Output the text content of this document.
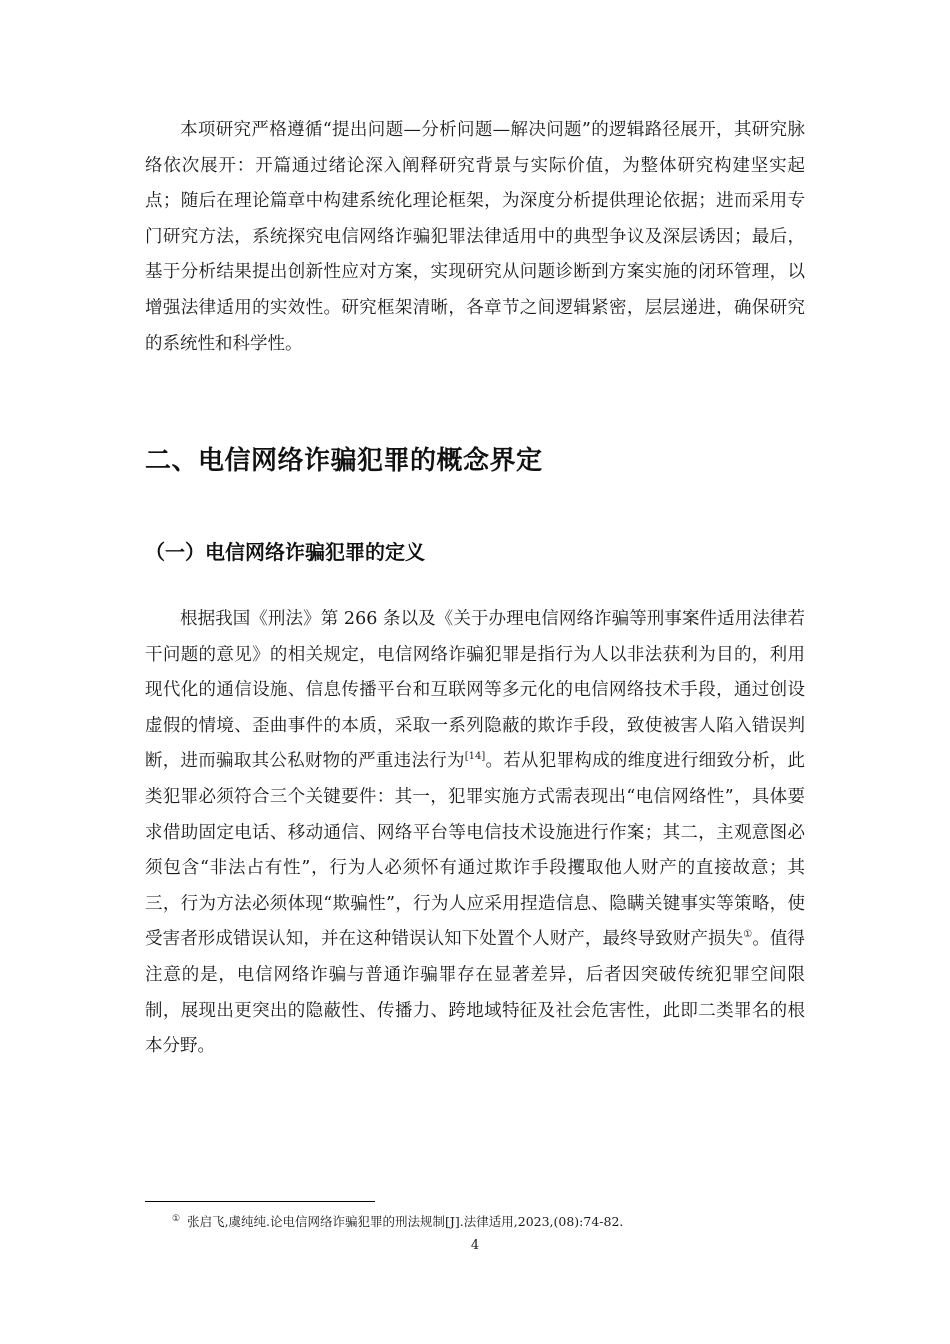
本项研究严格遵循“提出问题—分析问题—解决问题”的逻辑路径展开，其研究脉络依次展开：开篇通过绪论深入阐释研究背景与实际价值，为整体研究构建坚实起点；随后在理论篇章中构建系统化理论框架，为深度分析提供理论依据；进而采用专门研究方法，系统探究电信网络诈骗犯罪法律适用中的典型争议及深层诱因；最后，基于分析结果提出创新性应对方案，实现研究从问题诊断到方案实施的闭环管理，以增强法律适用的实效性。研究框架清晰，各章节之间逻辑紧密，层层递进，确保研究的系统性和科学性。

二、电信网络诈骗犯罪的概念界定
（一）电信网络诈骗犯罪的定义

根据我国《刑法》第 266 条以及《关于办理电信网络诈骗等刑事案件适用法律若干问题的意见》的相关规定，电信网络诈骗犯罪是指行为人以非法获利为目的，利用现代化的通信设施、信息传播平台和互联网等多元化的电信网络技术手段，通过创设虚假的情境、歪曲事件的本质，采取一系列隐蔽的欺诈手段，致使被害人陷入错误判断，进而骗取其公私财物的严重违法行为[14]。若从犯罪构成的维度进行细致分析，此类犯罪必须符合三个关键要件：其一，犯罪实施方式需表现出“电信网络性”，具体要求借助固定电话、移动通信、网络平台等电信技术设施进行作案；其二，主观意图必须包含“非法占有性”，行为人必须怀有通过欺诈手段攫取他人财产的直接故意；其三，行为方法必须体现“欺骗性”，行为人应采用捏造信息、隐瞒关键事实等策略，使受害者形成错误认知，并在这种错误认知下处置个人财产，最终导致财产损失①。值得注意的是，电信网络诈骗与普通诈骗罪存在显著差异，后者因突破传统犯罪空间限制，展现出更突出的隐蔽性、传播力、跨地域特征及社会危害性，此即二类罪名的根本分野。

① 张启飞,虞纯纯.论电信网络诈骗犯罪的刑法规制[J].法律适用,2023,(08):74-82.

4
